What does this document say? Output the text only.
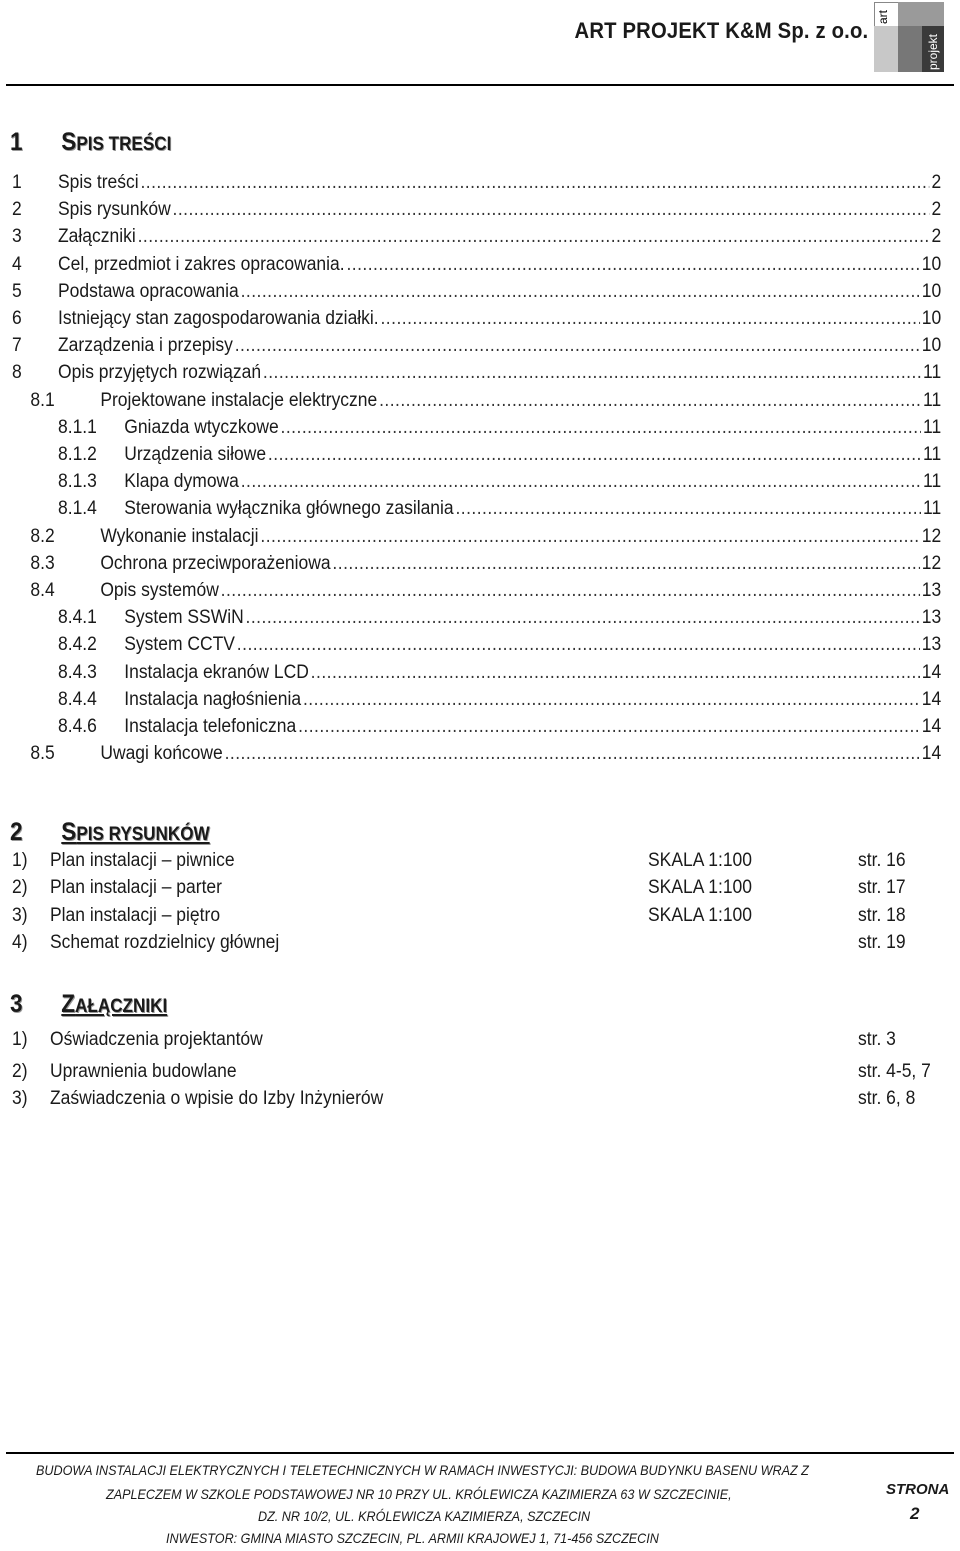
ART PROJEKT K&M Sp. z o.o.
art
projekt
1 SPIS TREŚCI
1	Spis treści .....	2
2	Spis rysunków .....	2
3	Załączniki .....	2
4	Cel, przedmiot i zakres opracowania. .....	10
5	Podstawa opracowania .....	10
6	Istniejący stan zagospodarowania działki. .....	10
7	Zarządzenia i przepisy .....	10
8	Opis przyjętych rozwiązań .....	11
8.1	Projektowane instalacje elektryczne .....	11
8.1.1	Gniazda wtyczkowe .....	11
8.1.2	Urządzenia siłowe .....	11
8.1.3	Klapa dymowa .....	11
8.1.4	Sterowania wyłącznika głównego zasilania .....	11
8.2	Wykonanie instalacji .....	12
8.3	Ochrona przeciwporażeniowa .....	12
8.4	Opis systemów .....	13
8.4.1	System SSWiN .....	13
8.4.2	System CCTV .....	13
8.4.3	Instalacja ekranów LCD .....	14
8.4.4	Instalacja nagłośnienia .....	14
8.4.6	Instalacja telefoniczna .....	14
8.5	Uwagi końcowe .....	14
2 SPIS RYSUNKÓW
1) Plan instalacji – piwnice	SKALA 1:100	str. 16
2) Plan instalacji – parter	SKALA 1:100	str. 17
3) Plan instalacji – piętro	SKALA 1:100	str. 18
4) Schemat rozdzielnicy głównej	str. 19
3 ZAŁĄCZNIKI
1) Oświadczenia projektantów	str. 3
2) Uprawnienia budowlane	str. 4-5, 7
3) Zaświadczenia o wpisie do Izby Inżynierów	str. 6, 8
BUDOWA INSTALACJI ELEKTRYCZNYCH I TELETECHNICZNYCH W RAMACH INWESTYCJI: BUDOWA BUDYNKU BASENU WRAZ Z
ZAPLECZEM W SZKOLE PODSTAWOWEJ NR 10 PRZY UL. KRÓLEWICZA KAZIMIERZA 63 W SZCZECINIE,
DZ. NR 10/2, UL. KRÓLEWICZA KAZIMIERZA, SZCZECIN
INWESTOR: GMINA MIASTO SZCZECIN, PL. ARMII KRAJOWEJ 1, 71-456 SZCZECIN
STRONA
2
